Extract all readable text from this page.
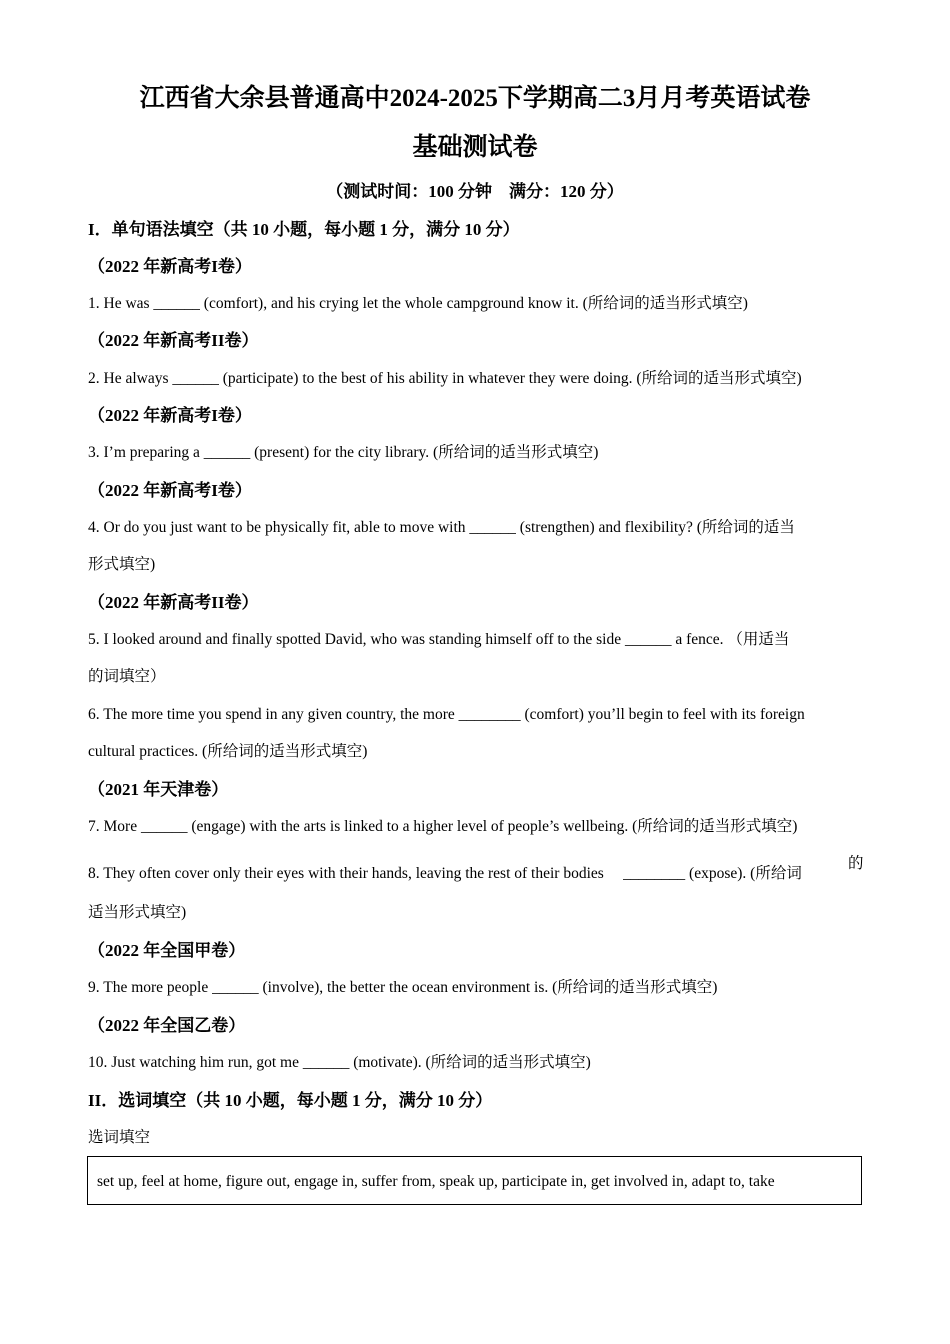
江西省大余县普通高中2024-2025下学期高二3月月考英语试卷
基础测试卷
（测试时间：100 分钟　满分：120 分）
I．单句语法填空（共 10 小题，每小题 1 分，满分 10 分）
（2022 年新高考I卷）
1. He was ______ (comfort), and his crying let the whole campground know it. (所给词的适当形式填空)
（2022 年新高考II卷）
2. He always ______ (participate) to the best of his ability in whatever they were doing. (所给词的适当形式填空)
（2022 年新高考I卷）
3. I’m preparing a ______ (present) for the city library. (所给词的适当形式填空)
（2022 年新高考I卷）
4. Or do you just want to be physically fit, able to move with ______ (strengthen) and flexibility? (所给词的适当
形式填空)
（2022 年新高考II卷）
5. I looked around and finally spotted David, who was standing himself off to the side ______ a fence. （用适当
的词填空）
6. The more time you spend in any given country, the more ________ (comfort) you’ll begin to feel with its foreign
cultural practices. (所给词的适当形式填空)
（2021 年天津卷）
7. More ______ (engage) with the arts is linked to a higher level of people’s wellbeing. (所给词的适当形式填空)
8. They often cover only their eyes with their hands, leaving the rest of their bodies　 ________ (expose). (所给词
的
适当形式填空)
（2022 年全国甲卷）
9. The more people ______ (involve), the better the ocean environment is. (所给词的适当形式填空)
（2022 年全国乙卷）
10. Just watching him run, got me ______ (motivate). (所给词的适当形式填空)
II．选词填空（共 10 小题，每小题 1 分，满分 10 分）
选词填空
set up, feel at home, figure out, engage in, suffer from, speak up, participate in, get involved in, adapt to, take
